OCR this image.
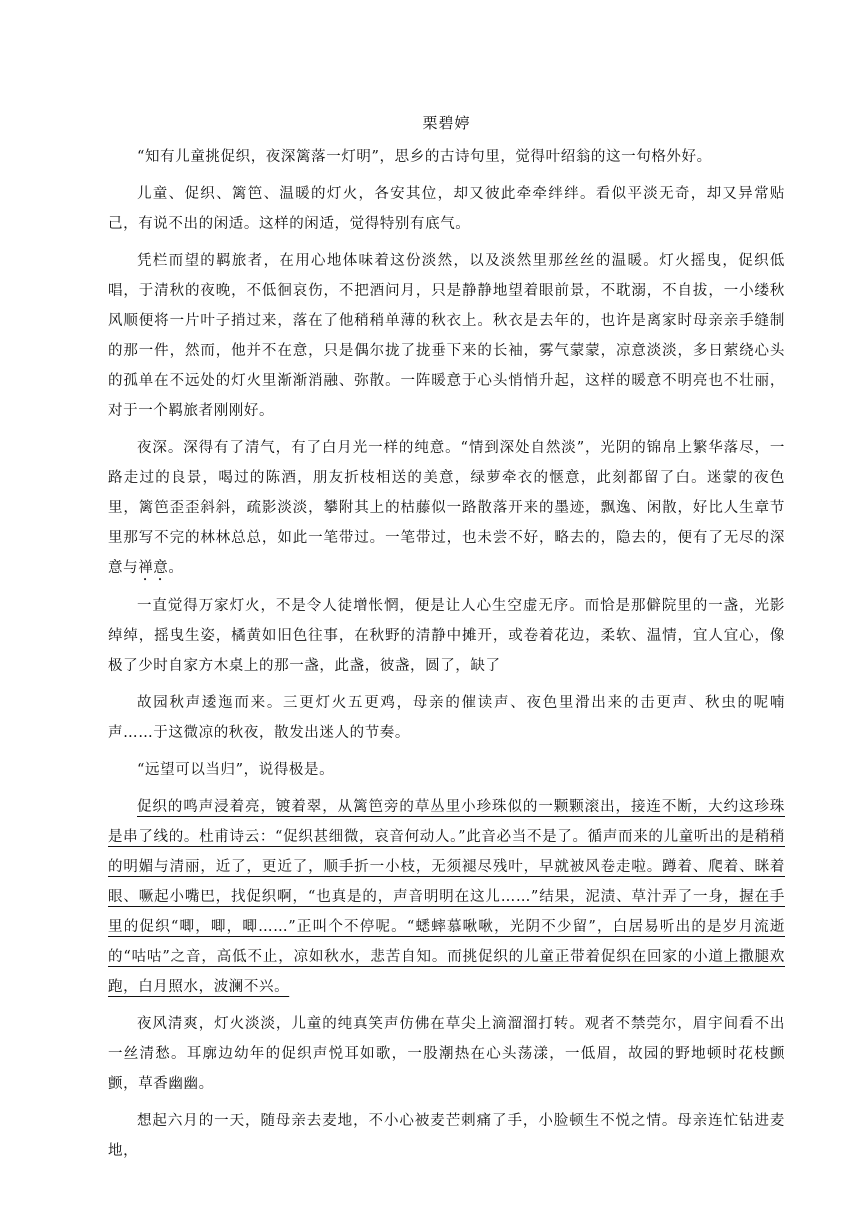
栗碧婷

“知有儿童挑促织，夜深篱落一灯明”，思乡的古诗句里，觉得叶绍翁的这一句格外好。

儿童、促织、篱笆、温暖的灯火，各安其位，却又彼此牵牵绊绊。看似平淡无奇，却又异常贴己，有说不出的闲适。这样的闲适，觉得特别有底气。

凭栏而望的羁旅者，在用心地体味着这份淡然，以及淡然里那丝丝的温暖。灯火摇曳，促织低唱，于清秋的夜晚，不低徊哀伤，不把酒问月，只是静静地望着眼前景，不耽溺，不自拔，一小缕秋风顺便将一片叶子捎过来，落在了他稍稍单薄的秋衣上。秋衣是去年的，也许是离家时母亲亲手缝制的那一件，然而，他并不在意，只是偶尔拢了拢垂下来的长袖，雾气蒙蒙，凉意淡淡，多日萦绕心头的孤单在不远处的灯火里渐渐消融、弥散。一阵暖意于心头悄悄升起，这样的暖意不明亮也不壮丽，对于一个羁旅者刚刚好。

夜深。深得有了清气，有了白月光一样的纯意。“情到深处自然淡”，光阴的锦帛上繁华落尽，一路走过的良景，喝过的陈酒，朋友折枝相送的美意，绿萝牵衣的惬意，此刻都留了白。迷蒙的夜色里，篱笆歪歪斜斜，疏影淡淡，攀附其上的枯藤似一路散落开来的墨迹，飘逸、闲散，好比人生章节里那写不完的林林总总，如此一笔带过。一笔带过，也未尝不好，略去的，隐去的，便有了无尽的深意与禅意。

一直觉得万家灯火，不是令人徒增怅惘，便是让人心生空虚无序。而恰是那僻院里的一盏，光影绰绰，摇曳生姿，橘黄如旧色往事，在秋野的清静中摊开，或卷着花边，柔软、温情，宜人宜心，像极了少时自家方木桌上的那一盏，此盏，彼盏，圆了，缺了

故园秋声逶迤而来。三更灯火五更鸡，母亲的催读声、夜色里滑出来的击更声、秋虫的呢喃声……于这微凉的秋夜，散发出迷人的节奏。

“远望可以当归”，说得极是。

促织的鸣声浸着亮，镀着翠，从篱笆旁的草丛里小珍珠似的一颗颗滚出，接连不断，大约这珍珠是串了线的。杜甫诗云：“促织甚细微，哀音何动人。”此音必当不是了。循声而来的儿童听出的是稍稍的明媚与清丽，近了，更近了，顺手折一小枝，无须褪尽残叶，早就被风卷走啦。蹲着、爬着、眯着眼、噘起小嘴巴，找促织啊，“也真是的，声音明明在这儿……”结果，泥渍、草汁弄了一身，握在手里的促织“唧，唧，唧……”正叫个不停呢。“蟋蟀慕啾啾，光阴不少留”，白居易听出的是岁月流逝的“咕咕”之音，高低不止，凉如秋水，悲苦自知。而挑促织的儿童正带着促织在回家的小道上撒腿欢跑，白月照水，波澜不兴。

夜风清爽，灯火淡淡，儿童的纯真笑声仿佛在草尖上滴溜溜打转。观者不禁莞尔，眉宇间看不出一丝清愁。耳廓边幼年的促织声悦耳如歌，一股潮热在心头荡漾，一低眉，故园的野地顿时花枝颤颤，草香幽幽。

想起六月的一天，随母亲去麦地，不小心被麦芒刺痛了手，小脸顿生不悦之情。母亲连忙钻进麦地，
